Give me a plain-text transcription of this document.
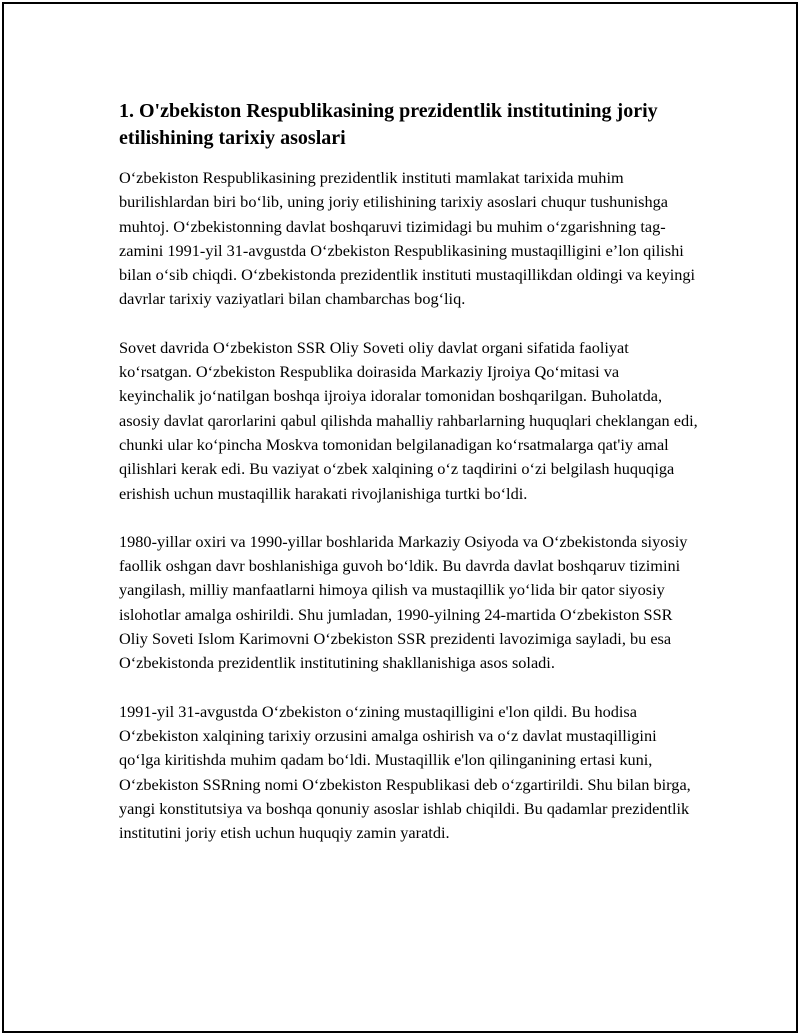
1. O'zbekiston Respublikasining prezidentlik institutining joriy etilishining tarixiy asoslari

O‘zbekiston Respublikasining prezidentlik instituti mamlakat tarixida muhim burilishlardan biri bo‘lib, uning joriy etilishining tarixiy asoslari chuqur tushunishga muhtoj. O‘zbekistonning davlat boshqaruvi tizimidagi bu muhim o‘zgarishning tag-zamini 1991-yil 31-avgustda O‘zbekiston Respublikasining mustaqilligini e’lon qilishi bilan o‘sib chiqdi. O‘zbekistonda prezidentlik instituti mustaqillikdan oldingi va keyingi davrlar tarixiy vaziyatlari bilan chambarchas bog‘liq.

Sovet davrida O‘zbekiston SSR Oliy Soveti oliy davlat organi sifatida faoliyat ko‘rsatgan. O‘zbekiston Respublika doirasida Markaziy Ijroiya Qo‘mitasi va keyinchalik jo‘natilgan boshqa ijroiya idoralar tomonidan boshqarilgan. Buholatda, asosiy davlat qarorlarini qabul qilishda mahalliy rahbarlarning huquqlari cheklangan edi, chunki ular ko‘pincha Moskva tomonidan belgilanadigan ko‘rsatmalarga qat'iy amal qilishlari kerak edi. Bu vaziyat o‘zbek xalqining o‘z taqdirini o‘zi belgilash huquqiga erishish uchun mustaqillik harakati rivojlanishiga turtki bo‘ldi.

1980-yillar oxiri va 1990-yillar boshlarida Markaziy Osiyoda va O‘zbekistonda siyosiy faollik oshgan davr boshlanishiga guvoh bo‘ldik. Bu davrda davlat boshqaruv tizimini yangilash, milliy manfaatlarni himoya qilish va mustaqillik yo‘lida bir qator siyosiy islohotlar amalga oshirildi. Shu jumladan, 1990-yilning 24-martida O‘zbekiston SSR Oliy Soveti Islom Karimovni O‘zbekiston SSR prezidenti lavozimiga sayladi, bu esa O‘zbekistonda prezidentlik institutining shakllanishiga asos soladi.

1991-yil 31-avgustda O‘zbekiston o‘zining mustaqilligini e'lon qildi. Bu hodisa O‘zbekiston xalqining tarixiy orzusini amalga oshirish va o‘z davlat mustaqilligini qo‘lga kiritishda muhim qadam bo‘ldi. Mustaqillik e'lon qilinganining ertasi kuni, O‘zbekiston SSRning nomi O‘zbekiston Respublikasi deb o‘zgartirildi. Shu bilan birga, yangi konstitutsiya va boshqa qonuniy asoslar ishlab chiqildi. Bu qadamlar prezidentlik institutini joriy etish uchun huquqiy zamin yaratdi.
